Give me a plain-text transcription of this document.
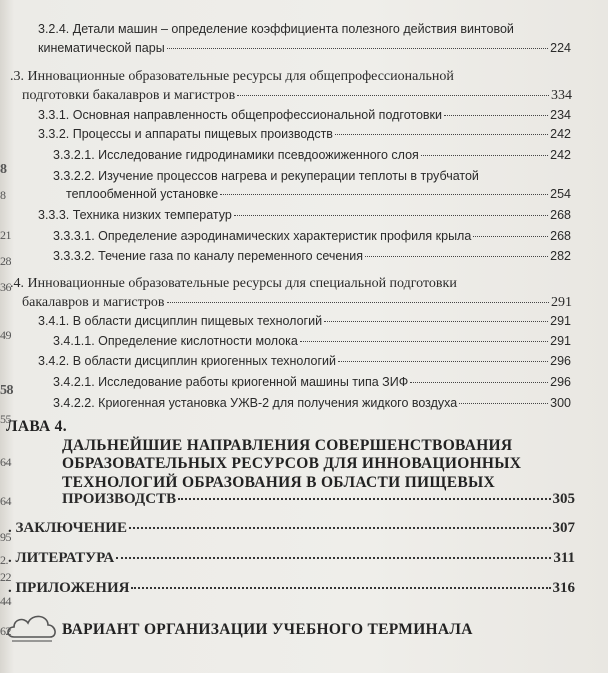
8
8
21
28
36
49
58
55
64
64
95
2.
22
44
62
3.2.4. Детали машин – определение коэффициента полезного действия винтовой
кинематической пары	224
.3. Инновационные образовательные ресурсы для общепрофессиональной
подготовки бакалавров и магистров	334
3.3.1. Основная направленность общепрофессиональной подготовки	234
3.3.2. Процессы и аппараты пищевых производств	242
3.3.2.1. Исследование гидродинамики псевдоожиженного слоя	242
3.3.2.2. Изучение процессов нагрева и рекуперации теплоты в трубчатой
теплообменной установке	254
3.3.3. Техника низких температур	268
3.3.3.1. Определение аэродинамических характеристик профиля крыла	268
3.3.3.2. Течение газа по каналу переменного сечения	282
.4. Инновационные образовательные ресурсы для специальной подготовки
бакалавров и магистров	291
3.4.1. В области дисциплин пищевых технологий	291
3.4.1.1. Определение кислотности молока	291
3.4.2. В области дисциплин криогенных технологий	296
3.4.2.1. Исследование работы криогенной машины типа ЗИФ	296
3.4.2.2. Криогенная установка УЖВ-2 для получения жидкого воздуха	300
ЛАВА 4.
ДАЛЬНЕЙШИЕ НАПРАВЛЕНИЯ СОВЕРШЕНСТВОВАНИЯ
ОБРАЗОВАТЕЛЬНЫХ РЕСУРСОВ ДЛЯ ИННОВАЦИОННЫХ
ТЕХНОЛОГИЙ ОБРАЗОВАНИЯ В ОБЛАСТИ ПИЩЕВЫХ
ПРОИЗВОДСТВ	305
. ЗАКЛЮЧЕНИЕ	307
. ЛИТЕРАТУРА	311
. ПРИЛОЖЕНИЯ	316
ВАРИАНТ ОРГАНИЗАЦИИ УЧЕБНОГО ТЕРМИНАЛА
